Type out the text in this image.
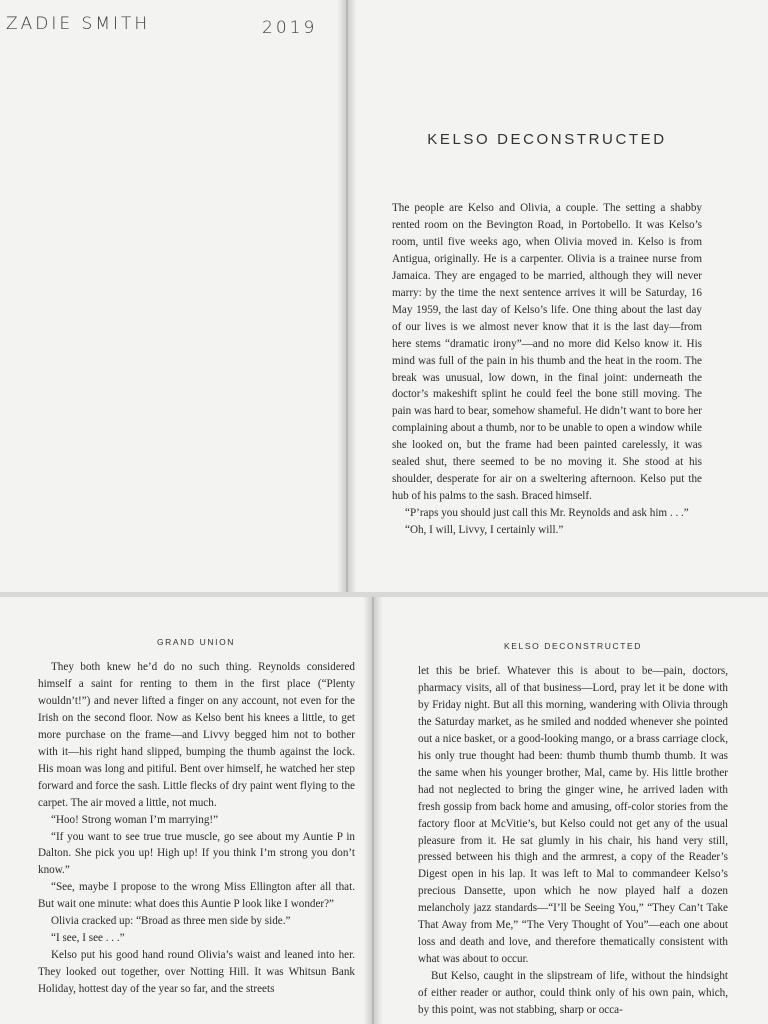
ZADIE SMITH	2019
KELSO DECONSTRUCTED

The people are Kelso and Olivia, a couple. The setting a shabby rented room on the Bevington Road, in Portobello. It was Kelso’s room, until five weeks ago, when Olivia moved in. Kelso is from Antigua, originally. He is a carpenter. Olivia is a trainee nurse from Jamaica. They are engaged to be married, although they will never marry: by the time the next sentence arrives it will be Saturday, 16 May 1959, the last day of Kelso’s life. One thing about the last day of our lives is we almost never know that it is the last day—from here stems “dramatic irony”—and no more did Kelso know it. His mind was full of the pain in his thumb and the heat in the room. The break was unusual, low down, in the final joint: underneath the doctor’s makeshift splint he could feel the bone still moving. The pain was hard to bear, somehow shameful. He didn’t want to bore her complaining about a thumb, nor to be unable to open a window while she looked on, but the frame had been painted carelessly, it was sealed shut, there seemed to be no moving it. She stood at his shoulder, desperate for air on a sweltering afternoon. Kelso put the hub of his palms to the sash. Braced himself.

“P’raps you should just call this Mr. Reynolds and ask him . . .”

“Oh, I will, Livvy, I certainly will.”

GRAND UNION

They both knew he’d do no such thing. Reynolds considered himself a saint for renting to them in the first place (“Plenty wouldn’t!”) and never lifted a finger on any account, not even for the Irish on the second floor. Now as Kelso bent his knees a little, to get more purchase on the frame—and Livvy begged him not to bother with it—his right hand slipped, bumping the thumb against the lock. His moan was long and pitiful. Bent over himself, he watched her step forward and force the sash. Little flecks of dry paint went flying to the carpet. The air moved a little, not much.

“Hoo! Strong woman I’m marrying!”

“If you want to see true true muscle, go see about my Auntie P in Dalton. She pick you up! High up! If you think I’m strong you don’t know.”

“See, maybe I propose to the wrong Miss Ellington after all that. But wait one minute: what does this Auntie P look like I wonder?”

Olivia cracked up: “Broad as three men side by side.”

“I see, I see . . .”

Kelso put his good hand round Olivia’s waist and leaned into her. They looked out together, over Notting Hill. It was Whitsun Bank Holiday, hottest day of the year so far, and the streets

KELSO DECONSTRUCTED

let this be brief. Whatever this is about to be—pain, doctors, pharmacy visits, all of that business—Lord, pray let it be done with by Friday night. But all this morning, wandering with Olivia through the Saturday market, as he smiled and nodded whenever she pointed out a nice basket, or a good-looking mango, or a brass carriage clock, his only true thought had been: thumb thumb thumb thumb. It was the same when his younger brother, Mal, came by. His little brother had not neglected to bring the ginger wine, he arrived laden with fresh gossip from back home and amusing, off-color stories from the factory floor at McVitie’s, but Kelso could not get any of the usual pleasure from it. He sat glumly in his chair, his hand very still, pressed between his thigh and the armrest, a copy of the Reader’s Digest open in his lap. It was left to Mal to commandeer Kelso’s precious Dansette, upon which he now played half a dozen melancholy jazz standards—“I’ll be Seeing You,” “They Can’t Take That Away from Me,” “The Very Thought of You”—each one about loss and death and love, and therefore thematically consistent with what was about to occur.

But Kelso, caught in the slipstream of life, without the hindsight of either reader or author, could think only of his own pain, which, by this point, was not stabbing, sharp or occa-
